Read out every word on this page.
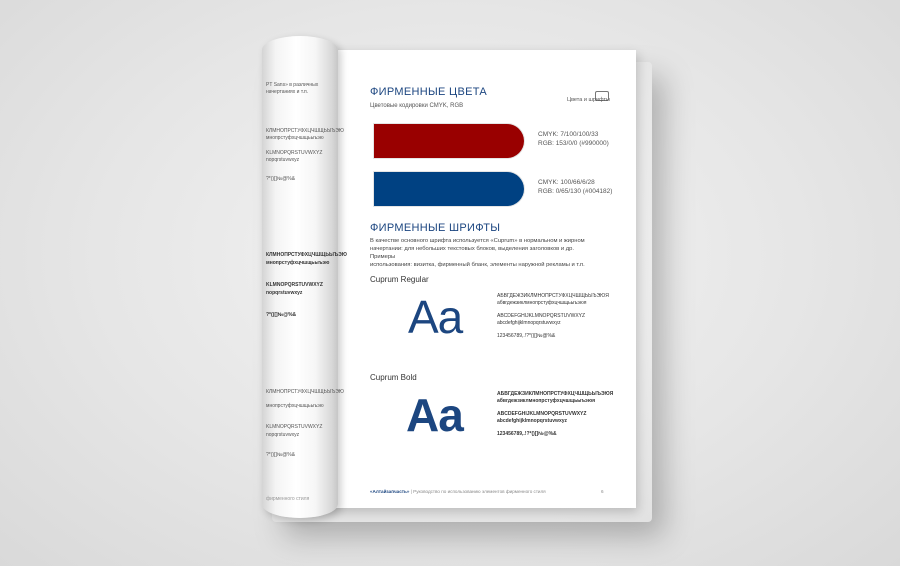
ФИРМЕННЫЕ ЦВЕТА
Цветовые кодировки CMYK, RGB
Цвета и шрифты
CMYK: 7/100/100/33
RGB: 153/0/0 (#990000)
CMYK: 100/66/6/28
RGB: 0/65/130 (#004182)
ФИРМЕННЫЕ ШРИФТЫ
В качестве основного шрифта используется «Cuprum» в нормальном и жирном
начертании: для небольших текстовых блоков, выделения заголовков и др. Примеры
использования: визитка, фирменный бланк, элементы наружной рекламы и т.п.
Cuprum Regular
Aa	АБВГДЕЖЗИКЛМНОПРСТУФХЦЧШЩЬЫЪЭЮЯ
абвгдежзиклмнопрстуфхцчшщьыъэюя
ABCDEFGHIJKLMNOPQRSTUVWXYZ
abcdefghijklmnopqrstuvwxyz
123456789,.!?*()[]№@%&
Cuprum Bold
Aa	АБВГДЕЖЗИКЛМНОПРСТУФХЦЧШЩЬЫЪЭЮЯ
абвгдежзиклмнопрстуфхцчшщьыъэюя
ABCDEFGHIJKLMNOPQRSTUVWXYZ
abcdefghijklmnopqrstuvwxyz
123456789,.!?*()[]№@%&
«Алтайзапчасть» | Руководство по использованию элементов фирменного стиля	6
PT Sans» в различных
начертаниях и т.п.
КЛМНОПРСТУФХЦЧШЩЬЫЪЭЮ
мнопрстуфхцчшщьыъэю
KLMNOPQRSTUVWXYZ
nopqrstuvwxyz
?*()[]№@%&
КЛМНОПРСТУФХЦЧШЩЬЫЪЭЮ
мнопрстуфхцчшщьыъэю
KLMNOPQRSTUVWXYZ
nopqrstuvwxyz
?*()[]№@%&
КЛМНОПРСТУФХЦЧШЩЬЫЪЭЮ
мнопрстуфхцчшщьыъэю
KLMNOPQRSTUVWXYZ
nopqrstuvwxyz
?*()[]№@%&
фирменного стиля
